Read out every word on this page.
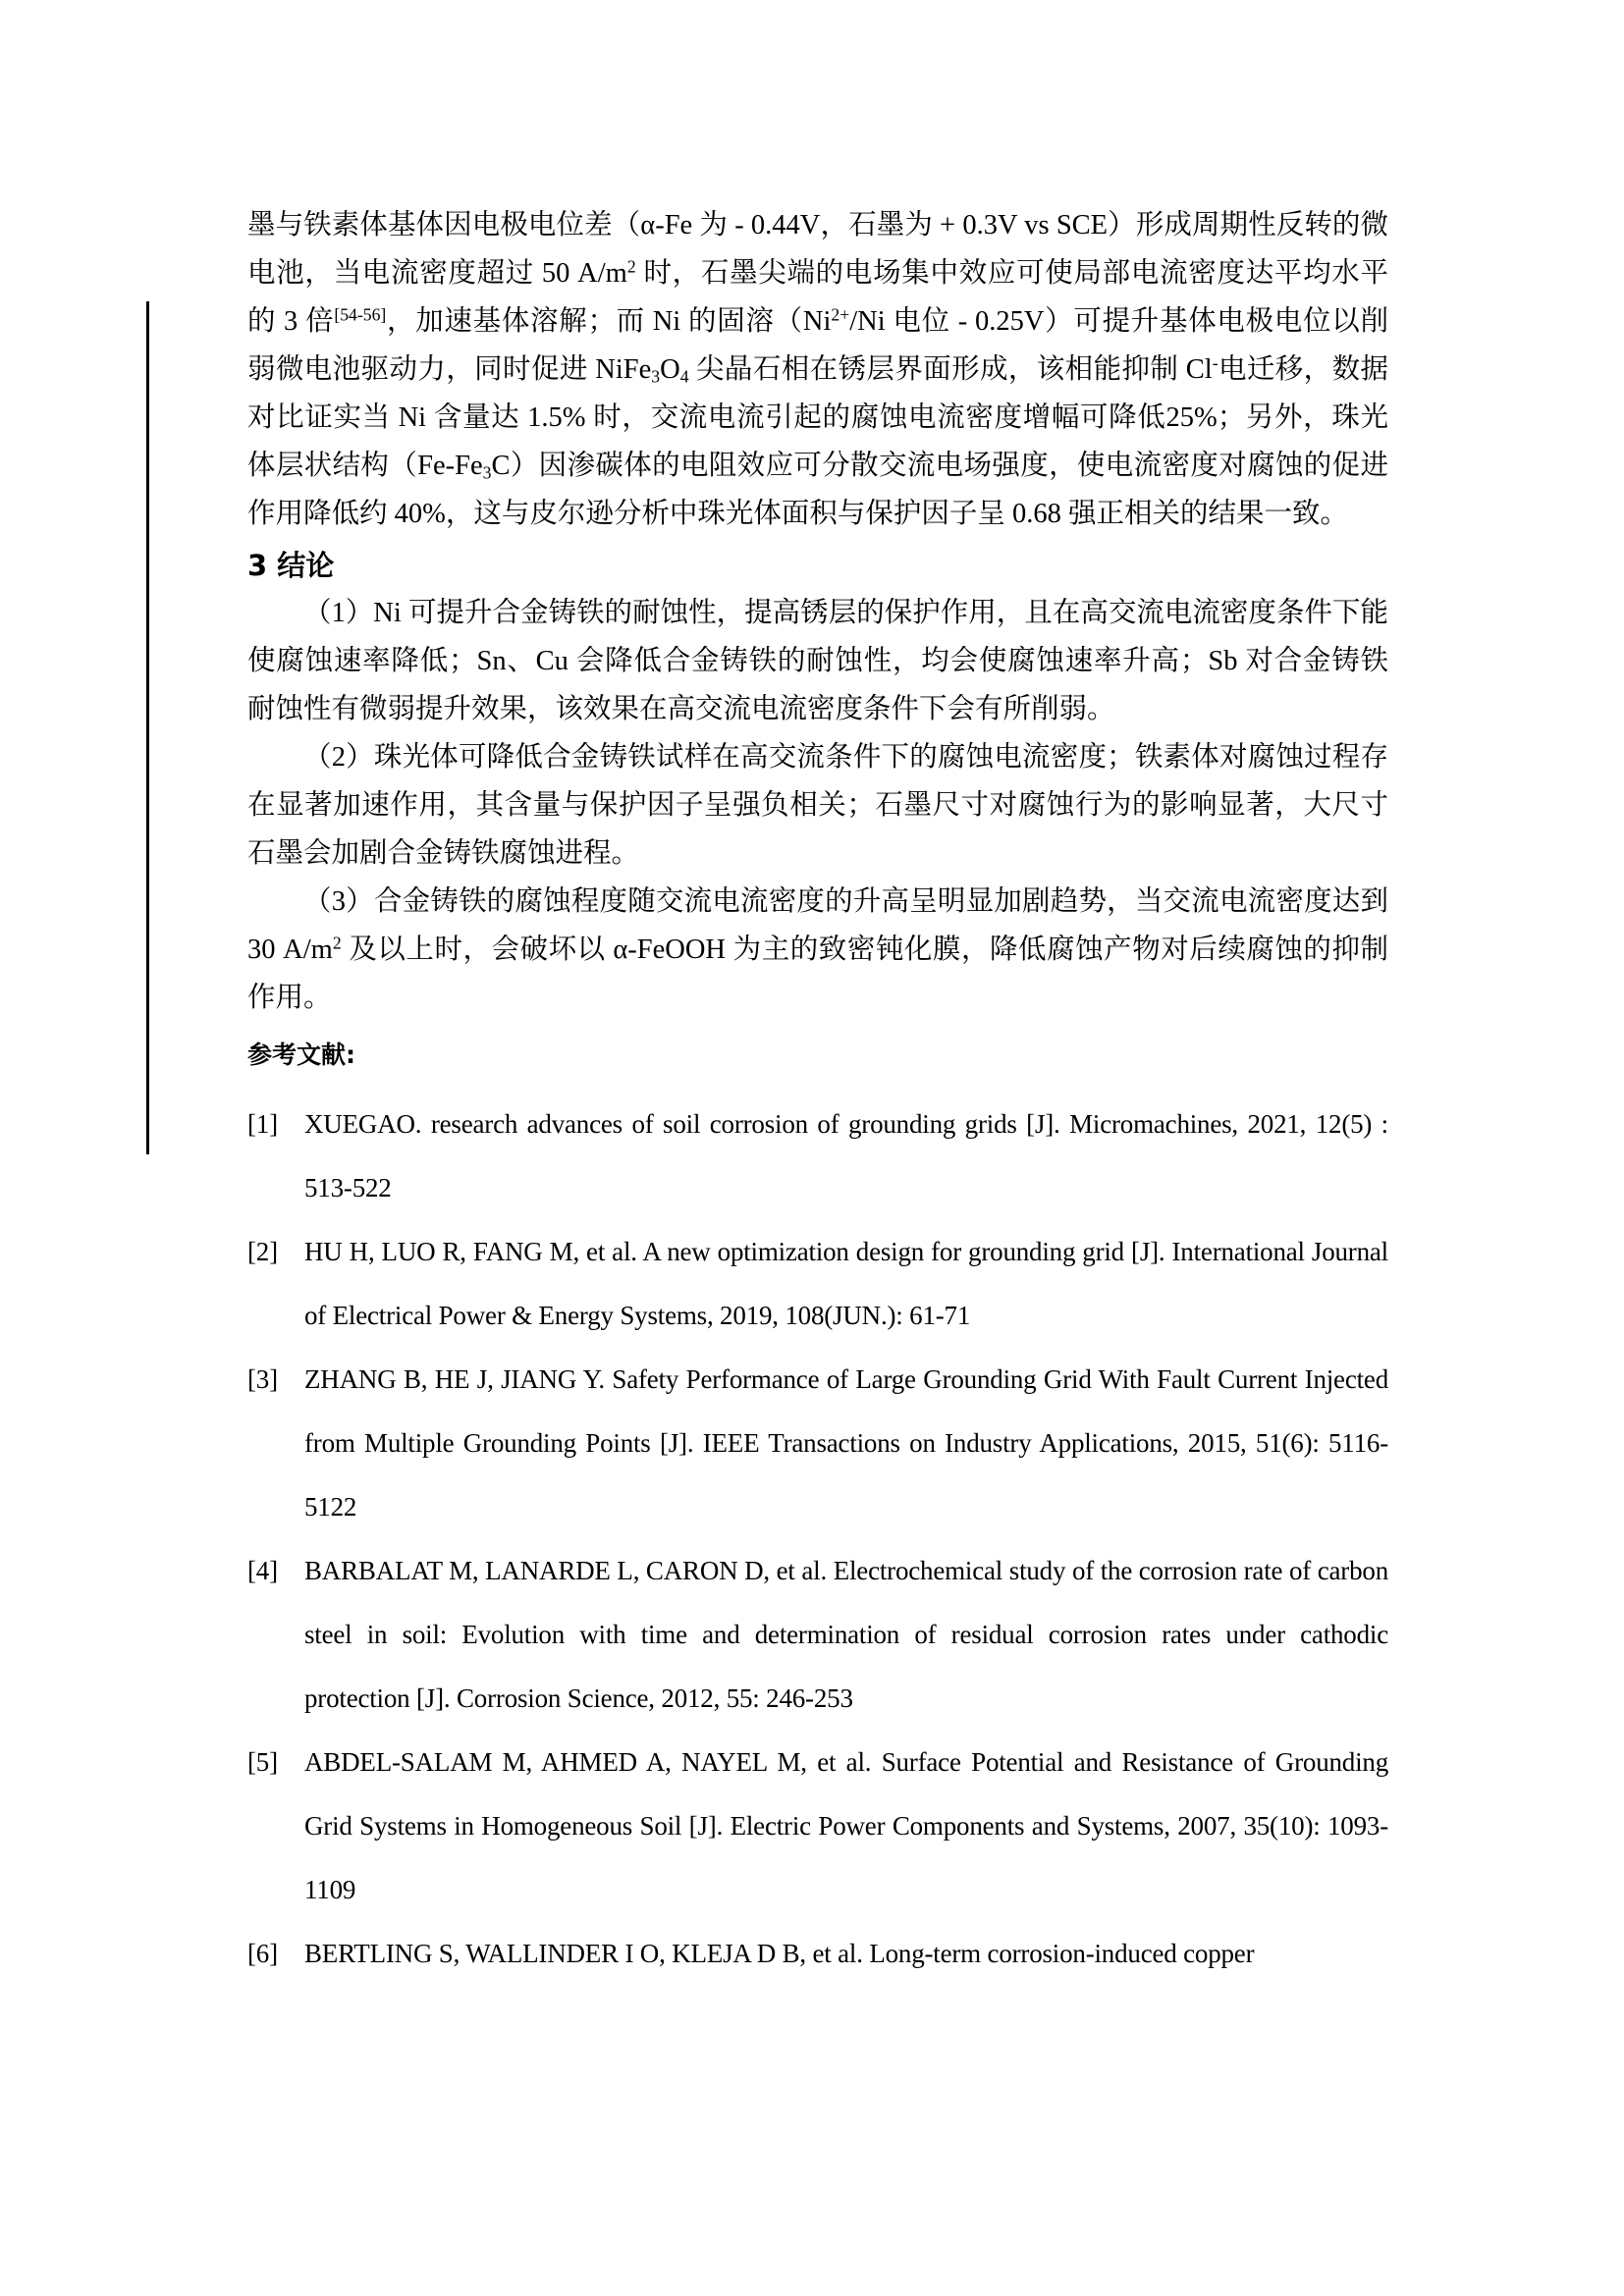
墨与铁素体基体因电极电位差（α-Fe 为 - 0.44V，石墨为 + 0.3V vs SCE）形成周期性反转的微电池，当电流密度超过 50 $A/m^2$ 时，石墨尖端的电场集中效应可使局部电流密度达平均水平的 3 倍[54-56]，加速基体溶解；而 Ni 的固溶（$Ni^{2+}/Ni$ 电位 - 0.25V）可提升基体电极电位以削弱微电池驱动力，同时促进 $NiFe_3O_4$ 尖晶石相在锈层界面形成，该相能抑制 Cl-电迁移，数据对比证实当 Ni 含量达 1.5% 时，交流电流引起的腐蚀电流密度增幅可降低25%；另外，珠光体层状结构$(Fe-Fe_3C)$因渗碳体的电阻效应可分散交流电场强度，使电流密度对腐蚀的促进作用降低约 40%，这与皮尔逊分析中珠光体面积与保护因子呈 0.68 强正相关的结果一致。

3 结论

（1）Ni 可提升合金铸铁的耐蚀性，提高锈层的保护作用，且在高交流电流密度条件下能使腐蚀速率降低；Sn、Cu 会降低合金铸铁的耐蚀性，均会使腐蚀速率升高；Sb 对合金铸铁耐蚀性有微弱提升效果，该效果在高交流电流密度条件下会有所削弱。

（2）珠光体可降低合金铸铁试样在高交流条件下的腐蚀电流密度；铁素体对腐蚀过程存在显著加速作用，其含量与保护因子呈强负相关；石墨尺寸对腐蚀行为的影响显著，大尺寸石墨会加剧合金铸铁腐蚀进程。

（3）合金铸铁的腐蚀程度随交流电流密度的升高呈明显加剧趋势，当交流电流密度达到 30 $A/m^2$ 及以上时，会破坏以 α-FeOOH 为主的致密钝化膜，降低腐蚀产物对后续腐蚀的抑制作用。

参考文献:
[1] XUEGAO. research advances of soil corrosion of grounding grids [J]. Micromachines, 2021, 12(5) : 513-522
[2] HU H, LUO R, FANG M, et al. A new optimization design for grounding grid [J]. International Journal of Electrical Power & Energy Systems, 2019, 108(JUN.): 61-71
[3] ZHANG B, HE J, JIANG Y. Safety Performance of Large Grounding Grid With Fault Current Injected from Multiple Grounding Points [J]. IEEE Transactions on Industry Applications, 2015, 51(6): 5116-5122
[4] BARBALAT M, LANARDE L, CARON D, et al. Electrochemical study of the corrosion rate of carbon steel in soil: Evolution with time and determination of residual corrosion rates under cathodic protection [J]. Corrosion Science, 2012, 55: 246-253
[5] ABDEL-SALAM M, AHMED A, NAYEL M, et al. Surface Potential and Resistance of Grounding Grid Systems in Homogeneous Soil [J]. Electric Power Components and Systems, 2007, 35(10): 1093-1109
[6] BERTLING S, WALLINDER I O, KLEJA D B, et al. Long-term corrosion-induced copper
